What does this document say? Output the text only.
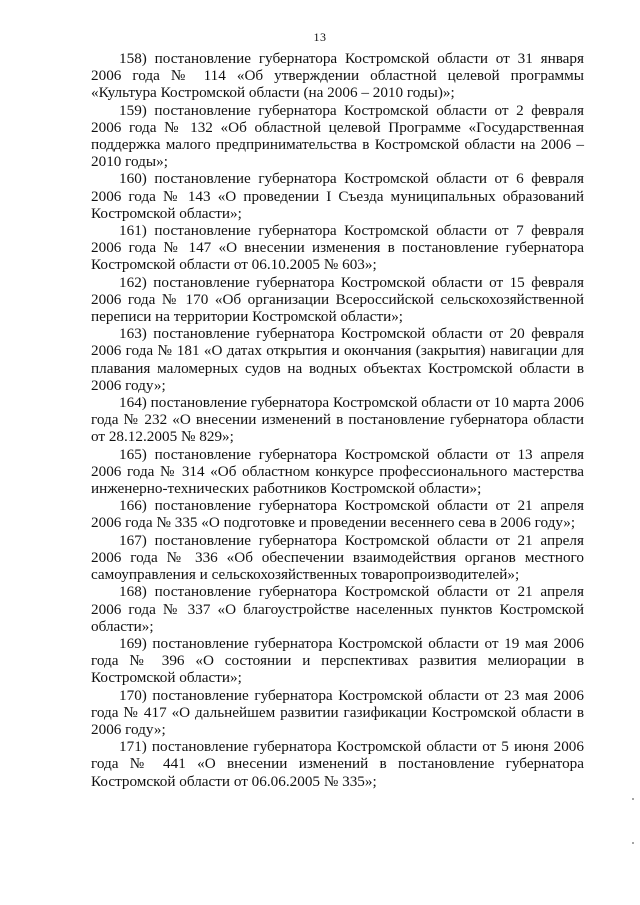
13

158) постановление губернатора Костромской области от 31 января 2006 года № 114 «Об утверждении областной целевой программы «Культура Костромской области (на 2006 – 2010 годы)»;

159) постановление губернатора Костромской области от 2 февраля 2006 года № 132 «Об областной целевой Программе «Государственная поддержка малого предпринимательства в Костромской области на 2006 – 2010 годы»;

160) постановление губернатора Костромской области от 6 февраля 2006 года № 143 «О проведении I Съезда муниципальных образований Костромской области»;

161) постановление губернатора Костромской области от 7 февраля 2006 года № 147 «О внесении изменения в постановление губернатора Костромской области от 06.10.2005 № 603»;

162) постановление губернатора Костромской области от 15 февраля 2006 года № 170 «Об организации Всероссийской сельскохозяйственной переписи на территории Костромской области»;

163) постановление губернатора Костромской области от 20 февраля 2006 года № 181 «О датах открытия и окончания (закрытия) навигации для плавания маломерных судов на водных объектах Костромской области в 2006 году»;

164) постановление губернатора Костромской области от 10 марта 2006 года № 232 «О внесении изменений в постановление губернатора области от 28.12.2005 № 829»;

165) постановление губернатора Костромской области от 13 апреля 2006 года № 314 «Об областном конкурсе профессионального мастерства инженерно-технических работников Костромской области»;

166) постановление губернатора Костромской области от 21 апреля 2006 года № 335 «О подготовке и проведении весеннего сева в 2006 году»;

167) постановление губернатора Костромской области от 21 апреля 2006 года № 336 «Об обеспечении взаимодействия органов местного самоуправления и сельскохозяйственных товаропроизводителей»;

168) постановление губернатора Костромской области от 21 апреля 2006 года № 337 «О благоустройстве населенных пунктов Костромской области»;

169) постановление губернатора Костромской области от 19 мая 2006 года № 396 «О состоянии и перспективах развития мелиорации в Костромской области»;

170) постановление губернатора Костромской области от 23 мая 2006 года № 417 «О дальнейшем развитии газификации Костромской области в 2006 году»;

171) постановление губернатора Костромской области от 5 июня 2006 года № 441 «О внесении изменений в постановление губернатора Костромской области от 06.06.2005 № 335»;
